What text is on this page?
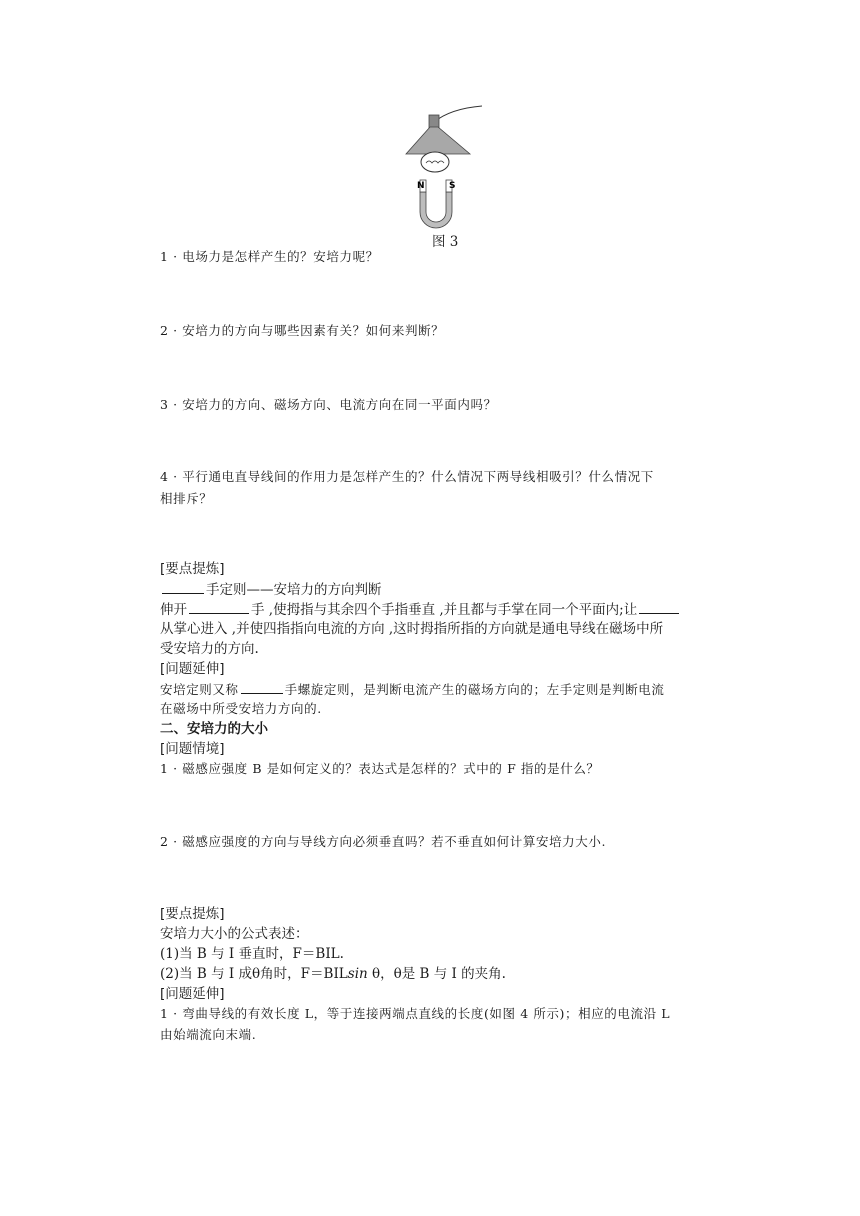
N	S
图 3
1 · 电场力是怎样产生的？安培力呢？
2 · 安培力的方向与哪些因素有关？如何来判断？
3 · 安培力的方向、磁场方向、电流方向在同一平面内吗？
4 · 平行通电直导线间的作用力是怎样产生的？什么情况下两导线相吸引？什么情况下
相排斥？
[要点提炼]
手定则——安培力的方向判断
伸开	手 ,使拇指与其余四个手指垂直 ,并且都与手掌在同一个平面内;让
从掌心进入 ,并使四指指向电流的方向 ,这时拇指所指的方向就是通电导线在磁场中所
受安培力的方向.
[问题延伸]
安培定则又称	手螺旋定则，是判断电流产生的磁场方向的；左手定则是判断电流
在磁场中所受安培力方向的.
二、安培力的大小
[问题情境]
1 · 磁感应强度 B 是如何定义的？表达式是怎样的？式中的 F 指的是什么？
2 · 磁感应强度的方向与导线方向必须垂直吗？若不垂直如何计算安培力大小.
[要点提炼]
安培力大小的公式表述：
(1)当 B 与 I 垂直时，F＝BIL.
(2)当 B 与 I 成θ角时，F＝BILsin θ，θ是 B 与 I 的夹角.
[问题延伸]
1 · 弯曲导线的有效长度 L，等于连接两端点直线的长度(如图 4 所示)；相应的电流沿 L
由始端流向末端.
